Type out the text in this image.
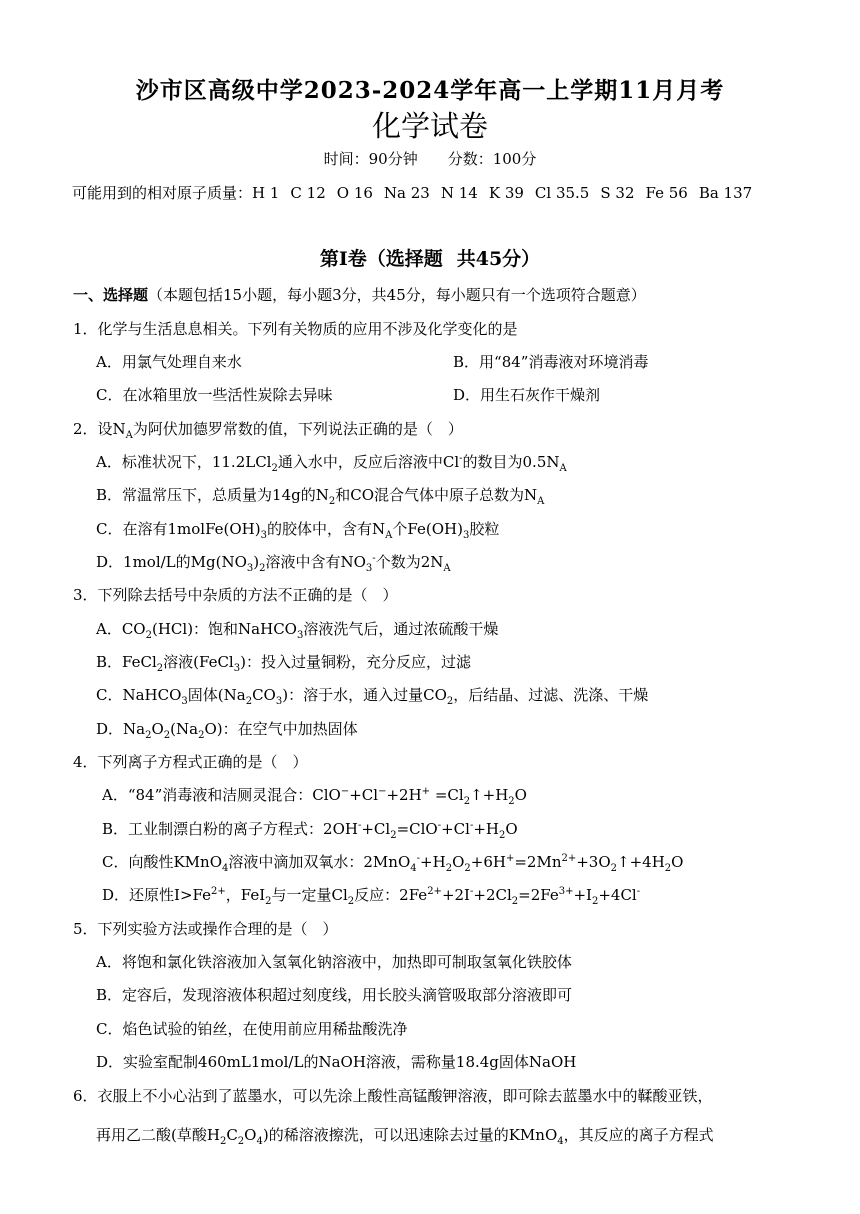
沙市区高级中学2023-2024学年高一上学期11月月考
化学试卷
时间：90分钟 分数：100分
可能用到的相对原子质量：H 1 C 12 O 16 Na 23 N 14 K 39 Cl 35.5 S 32 Fe 56 Ba 137
第Ⅰ卷（选择题 共45分）
一、选择题（本题包括15小题，每小题3分，共45分，每小题只有一个选项符合题意）
1．化学与生活息息相关。下列有关物质的应用不涉及化学变化的是
A．用氯气处理自来水	B．用“84”消毒液对环境消毒
C．在冰箱里放一些活性炭除去异味	D．用生石灰作干燥剂
2．设$N_A$为阿伏加德罗常数的值，下列说法正确的是（　）
A．标准状况下，11.2LCl$_2$通入水中，反应后溶液中Cl-的数目为$0.5N_A$
B．常温常压下，总质量为14g的$N_2$和CO混合气体中原子总数为$N_A$
C．在溶有$1molFe(OH)_3$的胶体中，含有$N_A$个$Fe(OH)_3$胶粒
D．1mol/L的$Mg(NO_3)_2$溶液中含有$NO_3^-$个数为$2N_A$
3．下列除去括号中杂质的方法不正确的是（　）
A．$CO_2(HCl)$：饱和NaHCO$_3$溶液洗气后，通过浓硫酸干燥
B．FeCl$_2$溶液(FeCl$_3$)：投入过量铜粉，充分反应，过滤
C．NaHCO$_3$固体$(Na_2CO_3)$：溶于水，通入过量$CO_2$，后结晶、过滤、洗涤、干燥
D．$Na_2O_2(Na_2O)$：在空气中加热固体
4．下列离子方程式正确的是（　）
A．“84”消毒液和洁厕灵混合：$ClO^-+Cl^-+2H^+ =Cl_2↑+H_2O$
B．工业制漂白粉的离子方程式：$2OH^-+Cl_2=ClO^-+Cl^-+H_2O$
C．向酸性KMnO$_4$溶液中滴加双氧水：$2MnO_4^-+H_2O_2+6H^+=2Mn^{2+}+3O_2↑+4H_2O$
D．还原性$I>Fe^{2+}$，FeI$_2$与一定量$Cl_2$反应：$2Fe^{2+}+2I^-+2Cl_2=2Fe^{3+}+I_2+4Cl^-$
5．下列实验方法或操作合理的是（　）
A．将饱和氯化铁溶液加入氢氧化钠溶液中，加热即可制取氢氧化铁胶体
B．定容后，发现溶液体积超过刻度线，用长胶头滴管吸取部分溶液即可
C．焰色试验的铂丝，在使用前应用稀盐酸洗净
D．实验室配制460mL1mol/L的NaOH溶液，需称量18.4g固体NaOH
6．衣服上不小心沾到了蓝墨水，可以先涂上酸性高锰酸钾溶液，即可除去蓝墨水中的鞣酸亚铁，
再用乙二酸(草酸$H_2C_2O_4$)的稀溶液擦洗，可以迅速除去过量的KMnO$_4$，其反应的离子方程式
